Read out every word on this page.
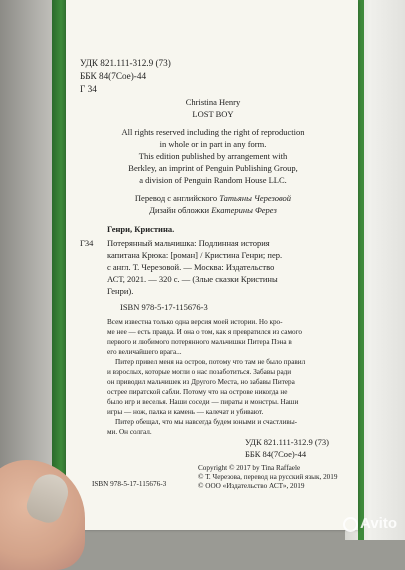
УДК 821.111-312.9 (73)
ББК 84(7Сое)-44
Г 34
Christina Henry
LOST BOY
All rights reserved including the right of reproduction
in whole or in part in any form.
This edition published by arrangement with
Berkley, an imprint of Penguin Publishing Group,
a division of Penguin Random House LLC.
Перевод с английского Татьяны Черезовой
Дизайн обложки Екатерины Ферез
Генри, Кристина.
Г34 Потерянный мальчишка: Подлинная история
капитана Крюка: [роман] / Кристина Генри; пер.
с англ. Т. Черезовой. — Москва: Издательство
АСТ, 2021. — 320 с. — (Злые сказки Кристины
Генри).
ISBN 978-5-17-115676-3
Всем известна только одна версия моей истории. Но кро-
ме нее — есть правда. И она о том, как я превратился из самого
первого и любимого потерянного мальчишки Питера Пэна в
его величайшего врага...
Питер привел меня на остров, потому что там не было правил
и взрослых, которые могли о нас позаботиться. Забавы ради
он приводил мальчишек из Другого Места, но забавы Питера
острее пиратской сабли. Потому что на острове никогда не
было игр и веселья. Наши соседи — пираты и монстры. Наши
игры — нож, палка и камень — калечат и убивают.
Питер обещал, что мы навсегда будем юными и счастливы-
ми. Он солгал.
УДК 821.111-312.9 (73)
ББК 84(7Сое)-44
ISBN 978-5-17-115676-3
Copyright © 2017 by Tina Raffaele
© Т. Черезова, перевод на русский язык, 2019
© ООО «Издательство АСТ», 2019
Avito
